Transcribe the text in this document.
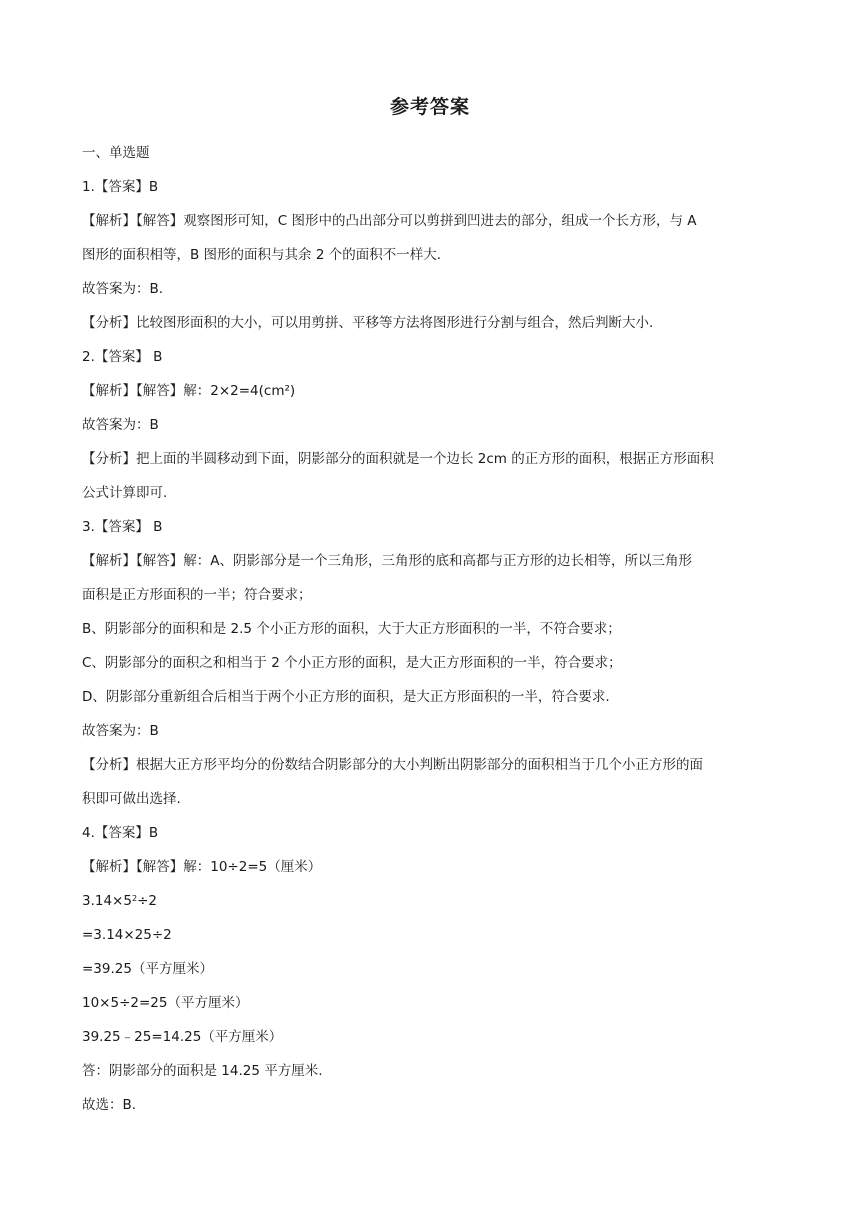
参考答案
一、单选题
1.【答案】B
【解析】【解答】观察图形可知，C 图形中的凸出部分可以剪拼到凹进去的部分，组成一个长方形，与 A
图形的面积相等，B 图形的面积与其余 2 个的面积不一样大.
故答案为：B.
【分析】比较图形面积的大小，可以用剪拼、平移等方法将图形进行分割与组合，然后判断大小.
2.【答案】 B
【解析】【解答】解：2×2=4(cm²)
故答案为：B
【分析】把上面的半圆移动到下面，阴影部分的面积就是一个边长 2cm 的正方形的面积，根据正方形面积
公式计算即可.
3.【答案】 B
【解析】【解答】解：A、阴影部分是一个三角形，三角形的底和高都与正方形的边长相等，所以三角形
面积是正方形面积的一半；符合要求；
B、阴影部分的面积和是 2.5 个小正方形的面积，大于大正方形面积的一半，不符合要求；
C、阴影部分的面积之和相当于 2 个小正方形的面积，是大正方形面积的一半，符合要求；
D、阴影部分重新组合后相当于两个小正方形的面积，是大正方形面积的一半，符合要求.
故答案为：B
【分析】根据大正方形平均分的份数结合阴影部分的大小判断出阴影部分的面积相当于几个小正方形的面
积即可做出选择.
4.【答案】B
【解析】【解答】解：10÷2=5（厘米）
$3.14\times 5^2\div 2$
=3.14×25÷2
=39.25（平方厘米）
10×5÷2=25（平方厘米）
39.25﹣25=14.25（平方厘米）
答：阴影部分的面积是 14.25 平方厘米.
故选：B.
